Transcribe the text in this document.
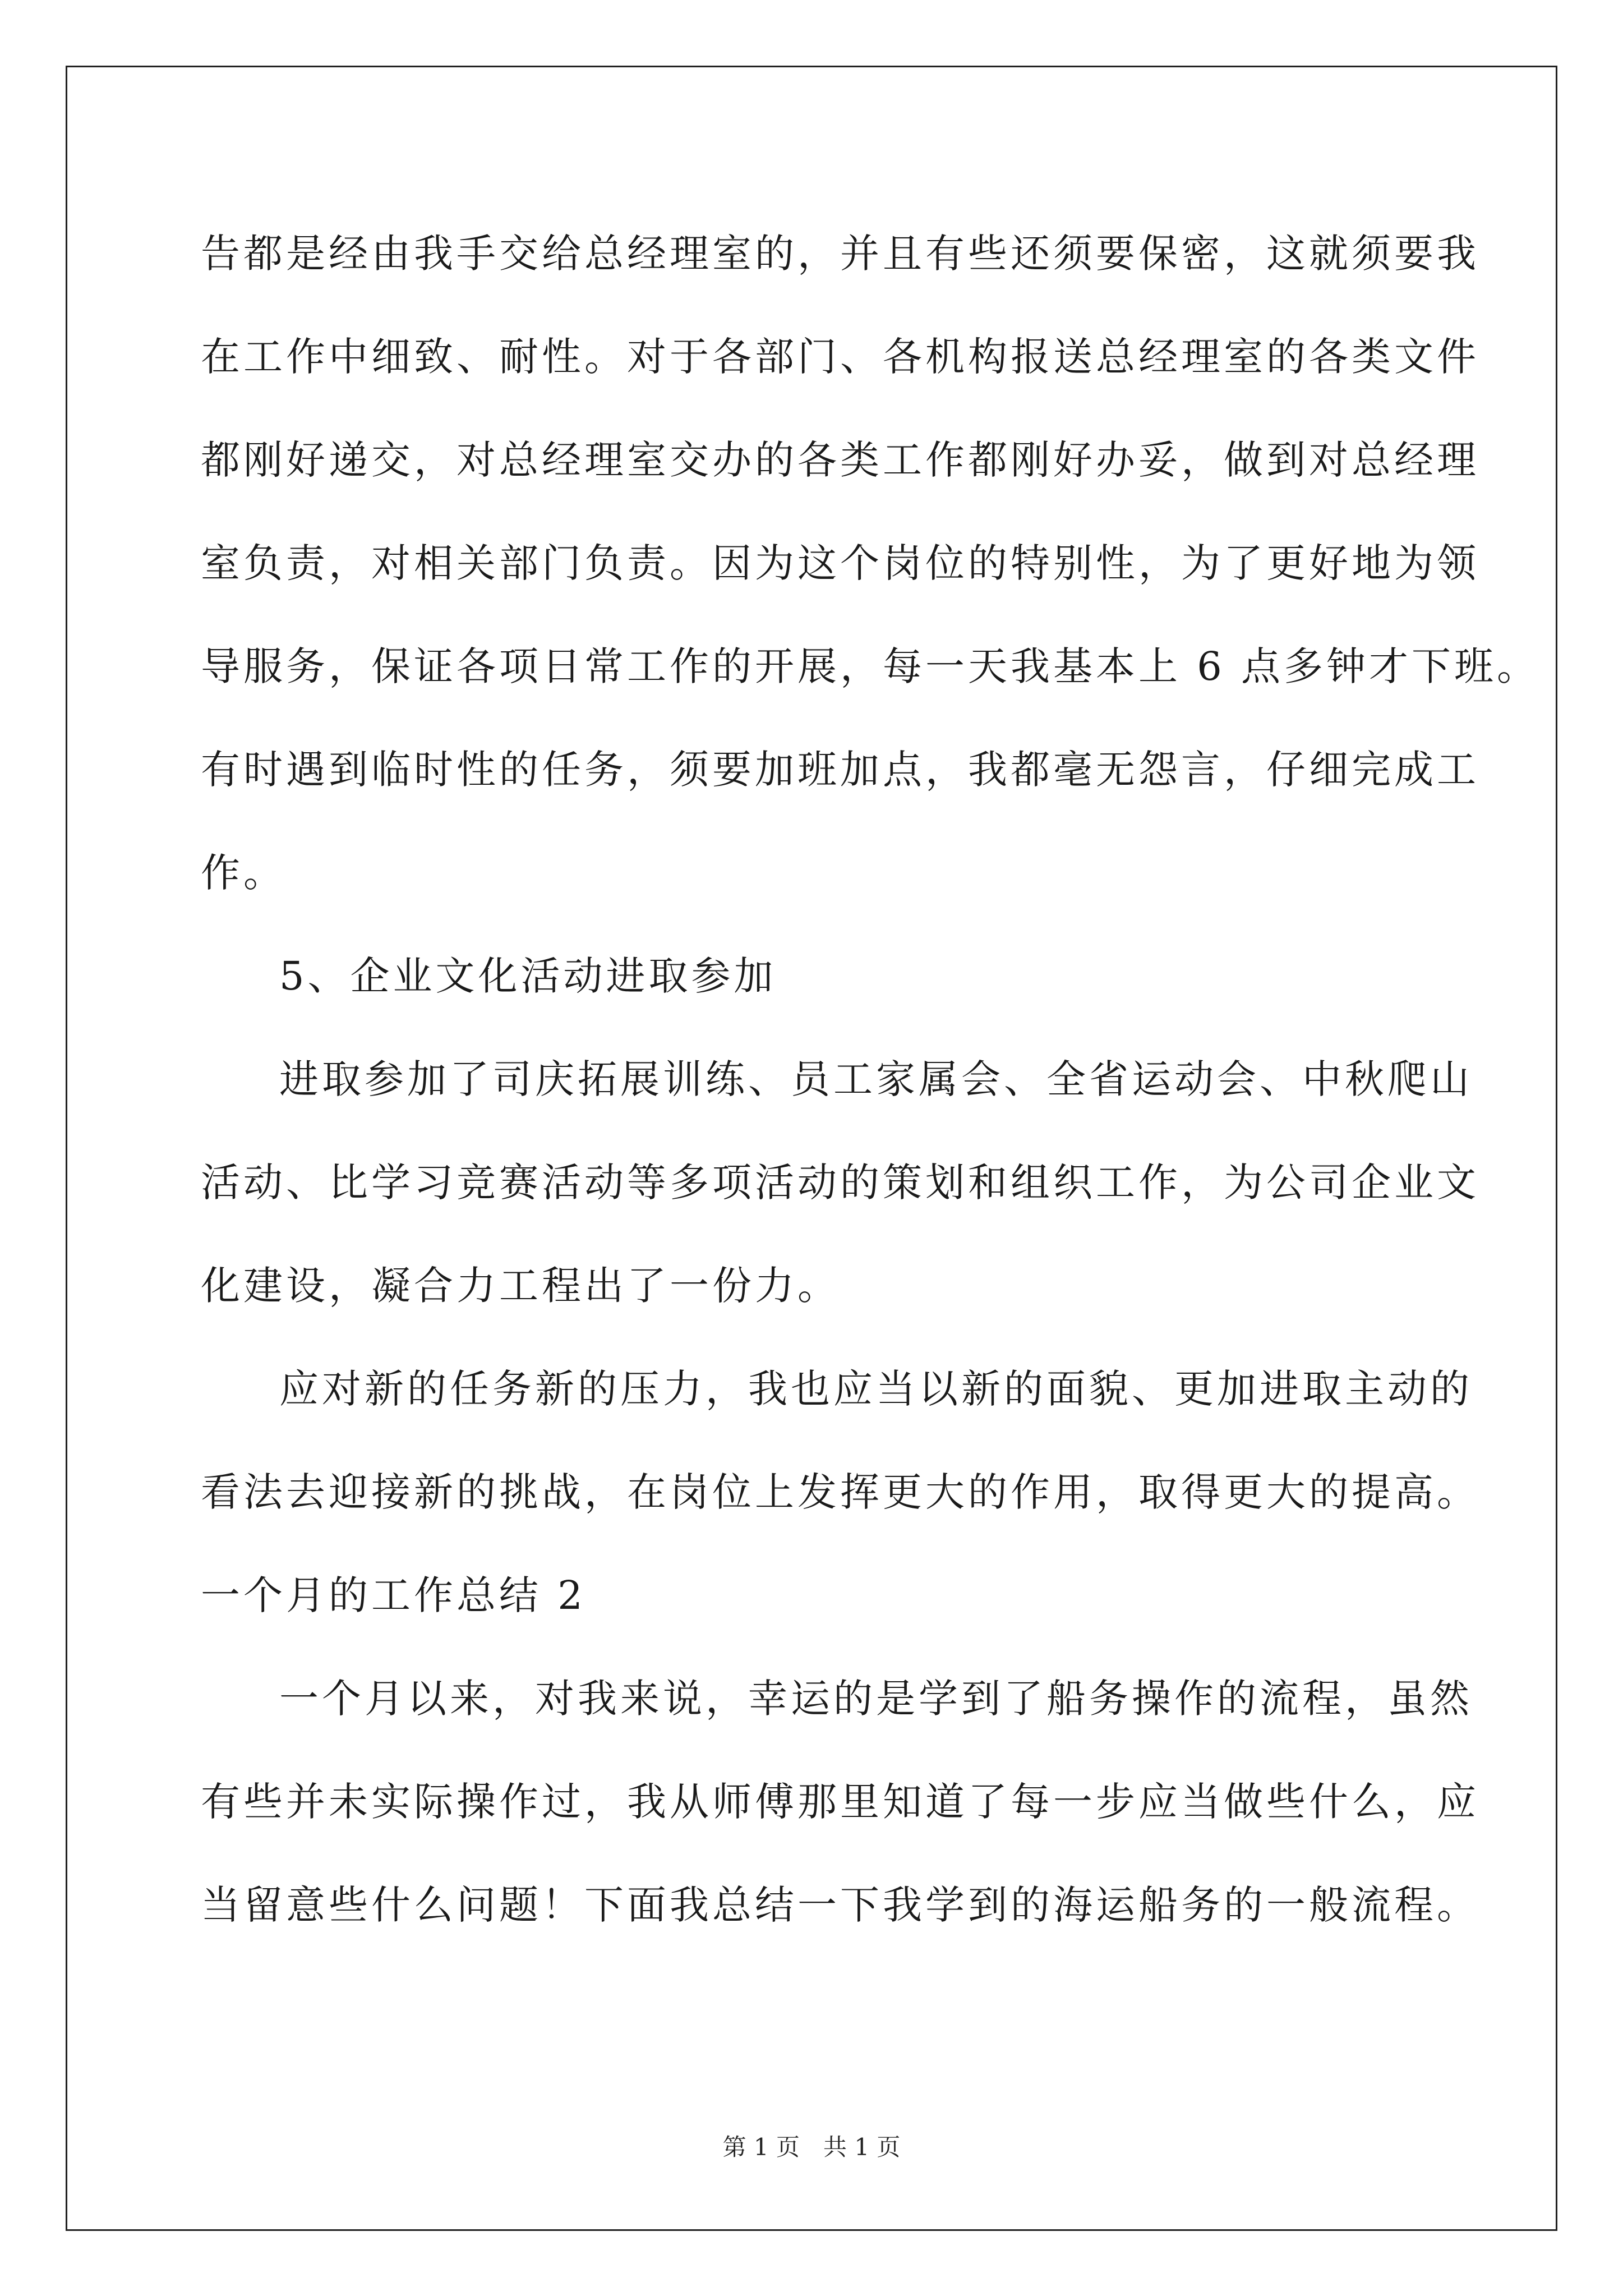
告都是经由我手交给总经理室的，并且有些还须要保密，这就须要我
在工作中细致、耐性。对于各部门、各机构报送总经理室的各类文件
都刚好递交，对总经理室交办的各类工作都刚好办妥，做到对总经理
室负责，对相关部门负责。因为这个岗位的特别性，为了更好地为领
导服务，保证各项日常工作的开展，每一天我基本上 6 点多钟才下班。
有时遇到临时性的任务，须要加班加点，我都毫无怨言，仔细完成工
作。
5、企业文化活动进取参加
进取参加了司庆拓展训练、员工家属会、全省运动会、中秋爬山
活动、比学习竞赛活动等多项活动的策划和组织工作，为公司企业文
化建设，凝合力工程出了一份力。
应对新的任务新的压力，我也应当以新的面貌、更加进取主动的
看法去迎接新的挑战，在岗位上发挥更大的作用，取得更大的提高。
一个月的工作总结 2
一个月以来，对我来说，幸运的是学到了船务操作的流程，虽然
有些并未实际操作过，我从师傅那里知道了每一步应当做些什么，应
当留意些什么问题！下面我总结一下我学到的海运船务的一般流程。
第 1 页　共 1 页
